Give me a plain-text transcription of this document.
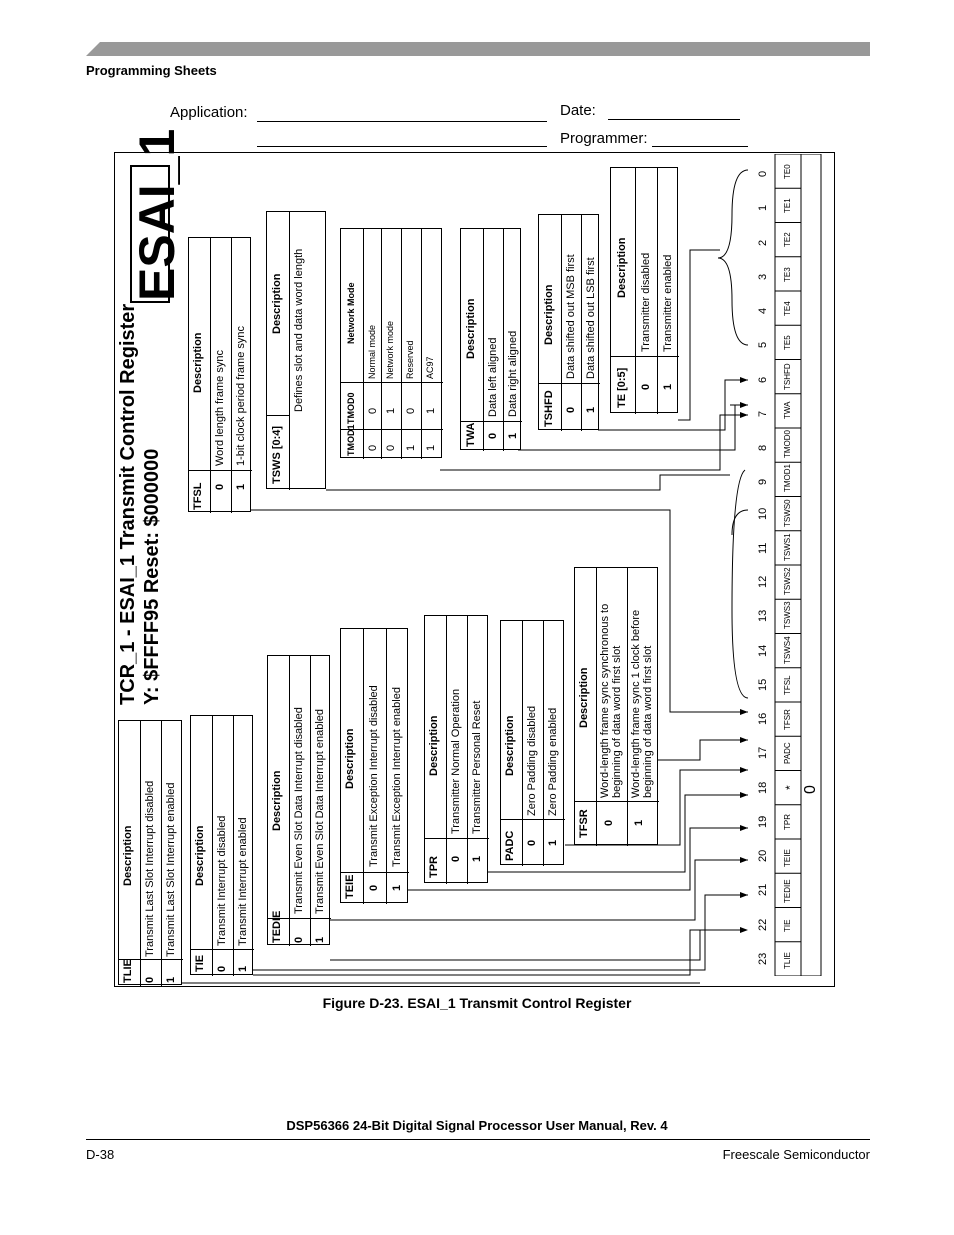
Programming Sheets
Application:	Date:
Programmer:
ESAI_1
TCR_1 - ESAI_1 Transmit Control Register Y: $FFFF95 Reset: $000000
23 TLIE
22 TIE
21 TEDIE
20 TEIE
19 TPR
18 * 0
17 PADC
16 TFSR
15 TFSL
14 TSWS4
13 TSWS3
12 TSWS2
11 TSWS1
10 TSWS0
9 TMOD1
8 TMOD0
7 TWA
6 TSHFD
5 TE5
4 TE4
3 TE3
2 TE2
1 TE1
0 TE0
TLIE
Description
0
Transmit Last Slot Interrupt disabled
1
Transmit Last Slot Interrupt enabled
TIE
Description
0
Transmit Interrupt disabled
1
Transmit Interrupt enabled TEDIE
Description
0
Transmit Even Slot Data Interrupt disabled
1
Transmit Even Slot Data Interrupt enabled TEIE
Description
0
Transmit Exception Interrupt disabled
1
Transmit Exception Interrupt enabled TPR
Description
0
Transmitter Normal Operation
1
Transmitter Personal Reset
PADC
Description
0
Zero Padding disabled
1
Zero Padding enabled
TFSR
Description
0
Word-length frame sync synchronous to beginning of data word first slot
1
Word-length frame sync 1 clock before beginning of data word first slot
TFSL
Description
0
Word length frame sync
1
1-bit clock period frame sync TSWS [0:4]
Description Defines slot and data word length
TMOD1
TMOD0
Network Mode
0
0
Normal mode
0
1
Network mode
1
0
Reserved
1
1
AC97
TWA
Description
0
Data left aligned
1
Data right aligned TSHFD
Description
0
Data shifted out MSB first
1
Data shifted out LSB first
TE [0:5]
Description
0
Transmitter disabled
1
Transmitter enabled
Figure D-23. ESAI_1 Transmit Control Register
DSP56366 24-Bit Digital Signal Processor User Manual, Rev. 4
D-38	Freescale Semiconductor
